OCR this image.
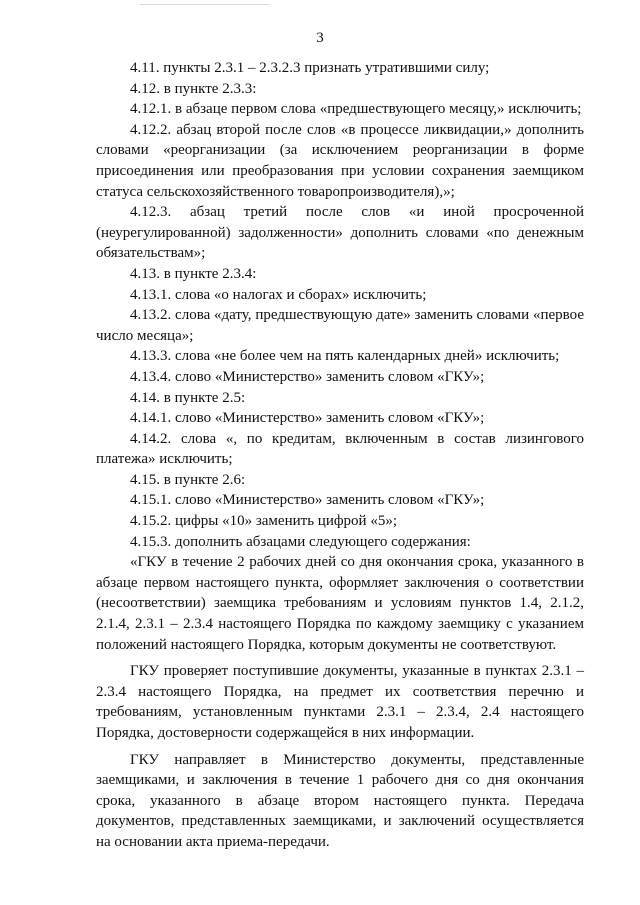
3

4.11. пункты 2.3.1 – 2.3.2.3 признать утратившими силу;

4.12. в пункте 2.3.3:

4.12.1. в абзаце первом слова «предшествующего месяцу,» исключить;

4.12.2. абзац второй после слов «в процессе ликвидации,» дополнить словами «реорганизации (за исключением реорганизации в форме присоединения или преобразования при условии сохранения заемщиком статуса сельскохозяйственного товаропроизводителя),»;

4.12.3. абзац третий после слов «и иной просроченной (неурегулированной) задолженности» дополнить словами «по денежным обязательствам»;

4.13. в пункте 2.3.4:

4.13.1. слова «о налогах и сборах» исключить;

4.13.2. слова «дату, предшествующую дате» заменить словами «первое число месяца»;

4.13.3. слова «не более чем на пять календарных дней» исключить;

4.13.4. слово «Министерство» заменить словом «ГКУ»;

4.14. в пункте 2.5:

4.14.1. слово «Министерство» заменить словом «ГКУ»;

4.14.2. слова «, по кредитам, включенным в состав лизингового платежа» исключить;

4.15. в пункте 2.6:

4.15.1. слово «Министерство» заменить словом «ГКУ»;

4.15.2. цифры «10» заменить цифрой «5»;

4.15.3. дополнить абзацами следующего содержания:

«ГКУ в течение 2 рабочих дней со дня окончания срока, указанного в абзаце первом настоящего пункта, оформляет заключения о соответствии (несоответствии) заемщика требованиям и условиям пунктов 1.4, 2.1.2, 2.1.4, 2.3.1 – 2.3.4 настоящего Порядка по каждому заемщику с указанием положений настоящего Порядка, которым документы не соответствуют.

ГКУ проверяет поступившие документы, указанные в пунктах 2.3.1 – 2.3.4 настоящего Порядка, на предмет их соответствия перечню и требованиям, установленным пунктами 2.3.1 – 2.3.4, 2.4 настоящего Порядка, достоверности содержащейся в них информации.

ГКУ направляет в Министерство документы, представленные заемщиками, и заключения в течение 1 рабочего дня со дня окончания срока, указанного в абзаце втором настоящего пункта. Передача документов, представленных заемщиками, и заключений осуществляется на основании акта приема-передачи.
